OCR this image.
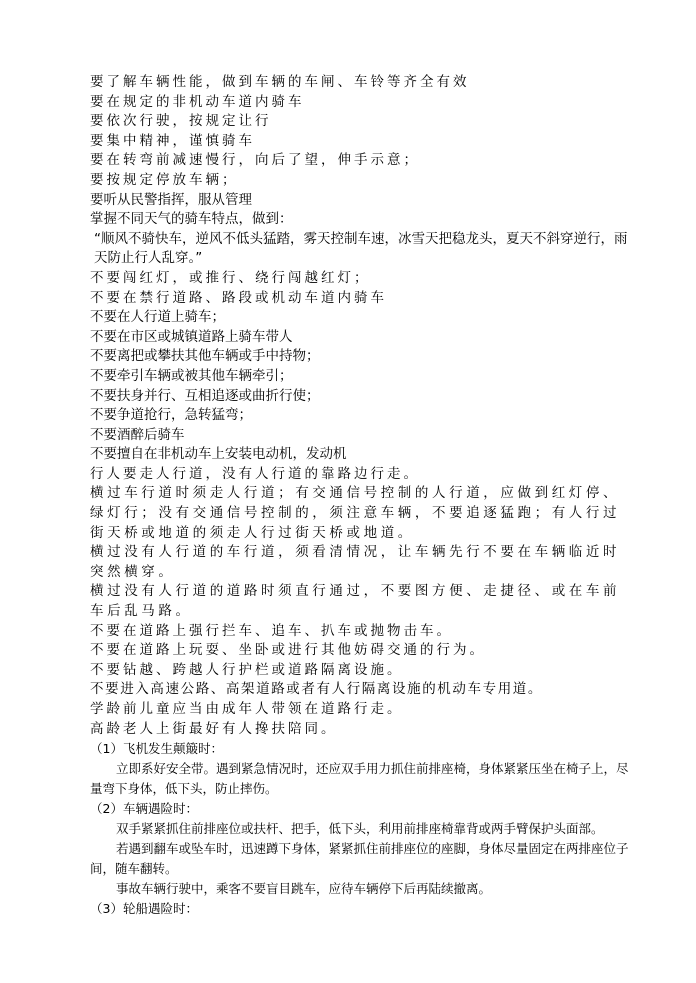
要了解车辆性能，做到车辆的车闸、车铃等齐全有效
要在规定的非机动车道内骑车
要依次行驶，按规定让行
要集中精神，谨慎骑车
要在转弯前减速慢行，向后了望，伸手示意；
要按规定停放车辆；
要听从民警指挥，服从管理
掌握不同天气的骑车特点，做到：
“顺风不骑快车，逆风不低头猛踏，雾天控制车速，冰雪天把稳龙头，夏天不斜穿逆行，雨天防止行人乱穿。”
不要闯红灯，或推行、绕行闯越红灯；
不要在禁行道路、路段或机动车道内骑车
不要在人行道上骑车；
不要在市区或城镇道路上骑车带人
不要离把或攀扶其他车辆或手中持物；
不要牵引车辆或被其他车辆牵引；
不要扶身并行、互相追逐或曲折行使；
不要争道抢行，急转猛弯；
不要酒醉后骑车
不要擅自在非机动车上安装电动机，发动机
行人要走人行道，没有人行道的靠路边行走。
横过车行道时须走人行道；有交通信号控制的人行道，应做到红灯停、绿灯行；没有交通信号控制的，须注意车辆，不要追逐猛跑；有人行过街天桥或地道的须走人行过街天桥或地道。
横过没有人行道的车行道，须看清情况，让车辆先行不要在车辆临近时突然横穿。
横过没有人行道的道路时须直行通过，不要图方便、走捷径、或在车前车后乱马路。
不要在道路上强行拦车、追车、扒车或抛物击车。
不要在道路上玩耍、坐卧或进行其他妨碍交通的行为。
不要钻越、跨越人行护栏或道路隔离设施。
不要进入高速公路、高架道路或者有人行隔离设施的机动车专用道。
学龄前儿童应当由成年人带领在道路行走。
高龄老人上街最好有人搀扶陪同。
（1）飞机发生颠簸时：
立即系好安全带。遇到紧急情况时，还应双手用力抓住前排座椅，身体紧紧压坐在椅子上，尽量弯下身体，低下头，防止摔伤。
（2）车辆遇险时：
双手紧紧抓住前排座位或扶杆、把手，低下头，利用前排座椅靠背或两手臂保护头面部。
若遇到翻车或坠车时，迅速蹲下身体，紧紧抓住前排座位的座脚，身体尽量固定在两排座位子间，随车翻转。
事故车辆行驶中，乘客不要盲目跳车，应待车辆停下后再陆续撤离。
（3）轮船遇险时：
